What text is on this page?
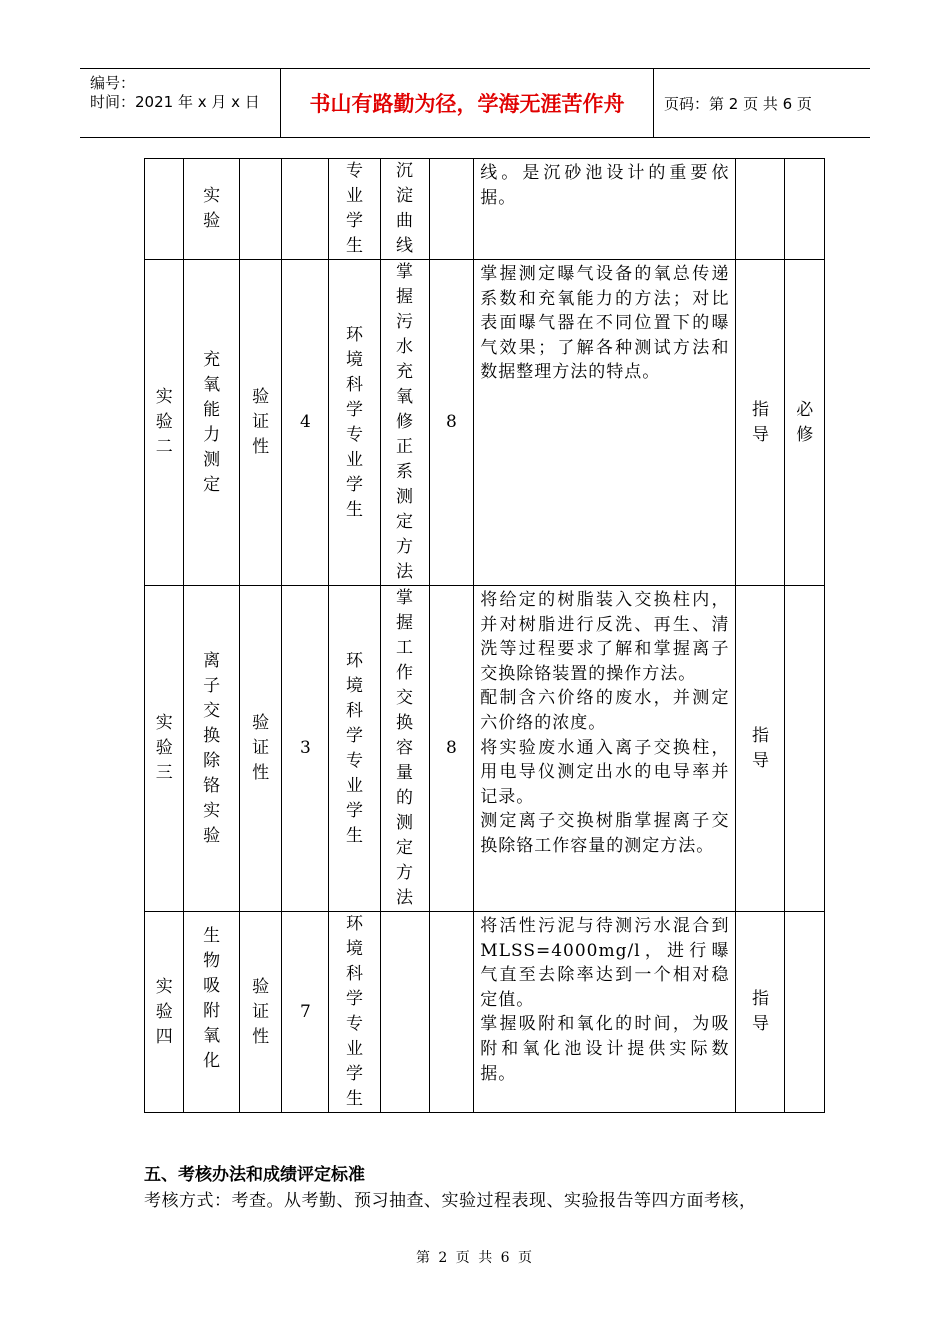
编号：
时间：2021 年 x 月 x 日	书山有路勤为径，学海无涯苦作舟	页码：第 2 页 共 6 页

	实验			专业学生	沉淀曲线		线。是沉砂池设计的重要依据。	

实验二	充氧能力测定	验证性	4	环境科学专业学生	掌握污水充氧修正系测定方法	8	掌握测定曝气设备的氧总传递系数和充氧能力的方法；对比表面曝气器在不同位置下的曝气效果；了解各种测试方法和数据整理方法的特点。	指导	必修

实验三	离子交换除铬实验	验证性	3	环境科学专业学生	掌握工作交换容量的测定方法	8	将给定的树脂装入交换柱内，并对树脂进行反洗、再生、清洗等过程要求了解和掌握离子交换除铬装置的操作方法。
配制含六价络的废水，并测定六价络的浓度。
将实验废水通入离子交换柱，用电导仪测定出水的电导率并记录。
测定离子交换树脂掌握离子交换除铬工作容量的测定方法。	指导	

实验四	生物吸附氧化	验证性	7	环境科学专业学生			将活性污泥与待测污水混合到MLSS=4000mg/l，进行曝气直至去除率达到一个相对稳定值。
掌握吸附和氧化的时间，为吸附和氧化池设计提供实际数据。	指导	

五、考核办法和成绩评定标准
考核方式：考查。从考勤、预习抽查、实验过程表现、实验报告等四方面考核，
第 2 页 共 6 页
